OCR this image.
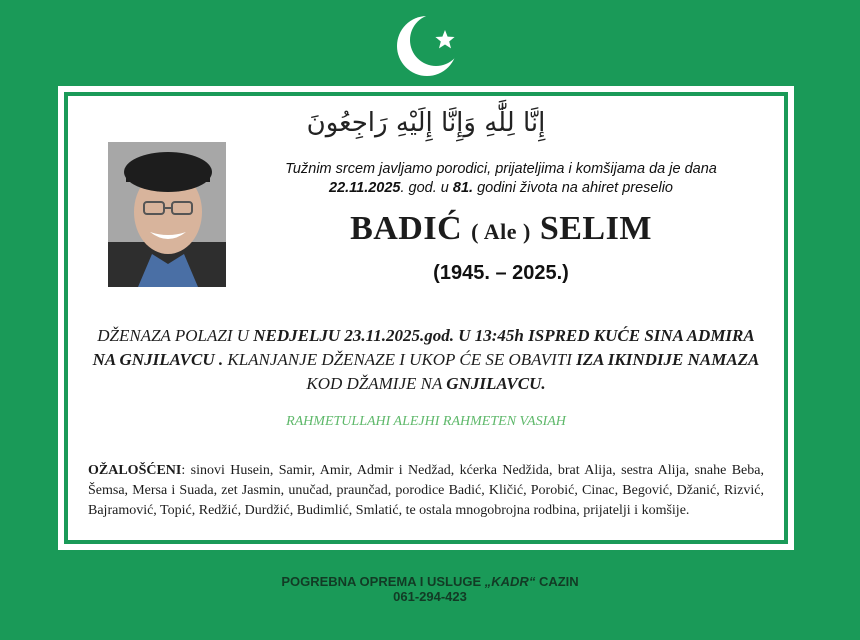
إِنَّا لِلَّٰهِ وَإِنَّا إِلَيْهِ رَاجِعُونَ
Tužnim srcem javljamo porodici, prijateljima i komšijama da je dana
22.11.2025. god. u 81. godini života na ahiret preselio
BADIĆ ( Ale ) SELIM
(1945. – 2025.)
DŽENAZA POLAZI U NEDJELJU 23.11.2025.god. U 13:45h ISPRED KUĆE SINA ADMIRA NA GNJILAVCU . KLANJANJE DŽENAZE I UKOP ĆE SE OBAVITI IZA IKINDIJE NAMAZA KOD DŽAMIJE NA GNJILAVCU.
RAHMETULLAHI ALEJHI RAHMETEN VASIAH
OŽALOŠĆENI: sinovi Husein, Samir, Amir, Admir i Nedžad, kćerka Nedžida, brat Alija, sestra Alija, snahe Beba, Šemsa, Mersa i Suada, zet Jasmin, unučad, praunčad, porodice Badić, Kličić, Porobić, Cinac, Begović, Džanić, Rizvić, Bajramović, Topić, Redžić, Durdžić, Budimlić, Smlatić, te ostala mnogobrojna rodbina, prijatelji i komšije.
POGREBNA OPREMA I USLUGE „KADR“ CAZIN
061-294-423
